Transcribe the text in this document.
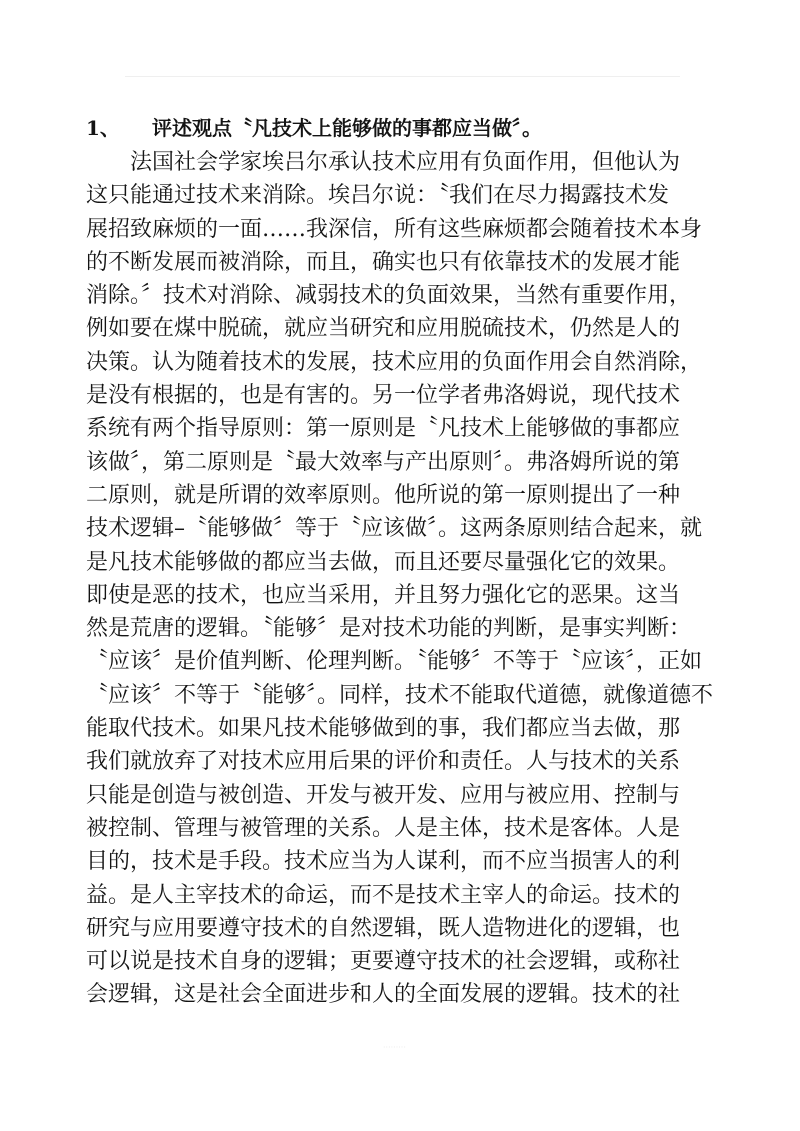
1、 评述观点〝凡技术上能够做的事都应当做〞。
法国社会学家埃吕尔承认技术应用有负面作用，但他认为
这只能通过技术来消除。埃吕尔说：〝我们在尽力揭露技术发
展招致麻烦的一面……我深信，所有这些麻烦都会随着技术本身
的不断发展而被消除，而且，确实也只有依靠技术的发展才能
消除。〞技术对消除、减弱技术的负面效果，当然有重要作用，
例如要在煤中脱硫，就应当研究和应用脱硫技术，仍然是人的
决策。认为随着技术的发展，技术应用的负面作用会自然消除，
是没有根据的，也是有害的。另一位学者弗洛姆说，现代技术
系统有两个指导原则：第一原则是〝凡技术上能够做的事都应
该做〞，第二原则是〝最大效率与产出原则〞。弗洛姆所说的第
二原则，就是所谓的效率原则。他所说的第一原则提出了一种
技术逻辑–〝能够做〞等于〝应该做〞。这两条原则结合起来，就
是凡技术能够做的都应当去做，而且还要尽量强化它的效果。
即使是恶的技术，也应当采用，并且努力强化它的恶果。这当
然是荒唐的逻辑。〝能够〞是对技术功能的判断，是事实判断：
〝应该〞是价值判断、伦理判断。〝能够〞不等于〝应该〞，正如
〝应该〞不等于〝能够〞。同样，技术不能取代道德，就像道德不
能取代技术。如果凡技术能够做到的事，我们都应当去做，那
我们就放弃了对技术应用后果的评价和责任。人与技术的关系
只能是创造与被创造、开发与被开发、应用与被应用、控制与
被控制、管理与被管理的关系。人是主体，技术是客体。人是
目的，技术是手段。技术应当为人谋利，而不应当损害人的利
益。是人主宰技术的命运，而不是技术主宰人的命运。技术的
研究与应用要遵守技术的自然逻辑，既人造物进化的逻辑，也
可以说是技术自身的逻辑；更要遵守技术的社会逻辑，或称社
会逻辑，这是社会全面进步和人的全面发展的逻辑。技术的社
·········
